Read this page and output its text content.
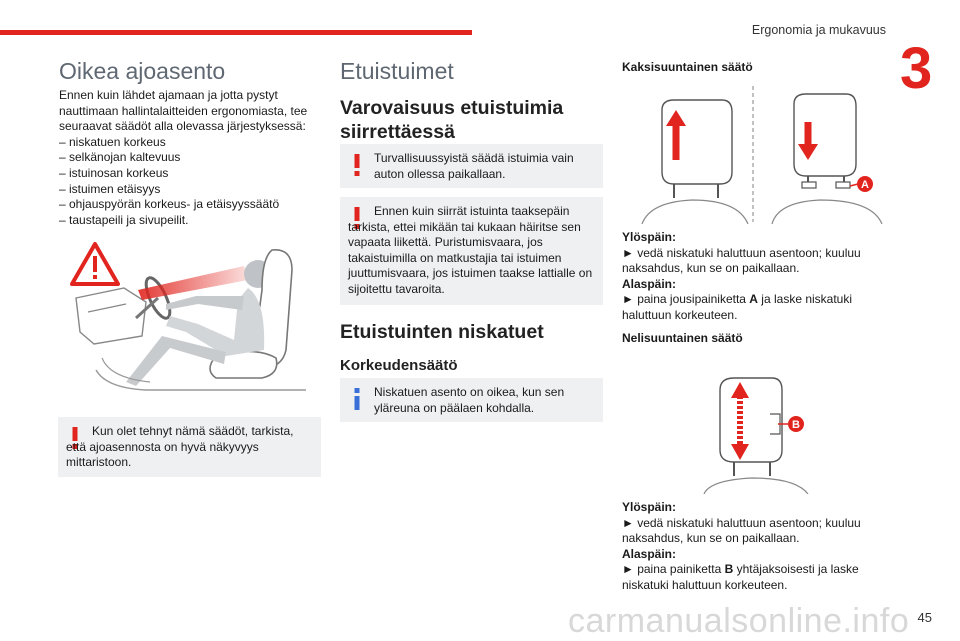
Ergonomia ja mukavuus
3
Oikea ajoasento
Ennen kuin lähdet ajamaan ja jotta pystyt nauttimaan hallintalaitteiden ergonomiasta, tee seuraavat säädöt alla olevassa järjestyksessä:
– niskatuen korkeus
– selkänojan kaltevuus
– istuinosan korkeus
– istuimen etäisyys
– ohjauspyörän korkeus- ja etäisyyssäätö
– taustapeili ja sivupeilit.
Kun olet tehnyt nämä säädöt, tarkista, että ajoasennosta on hyvä näkyvyys mittaristoon.
Etuistuimet
Varovaisuus etuistuimia siirrettäessä
Turvallisuussyistä säädä istuimia vain auton ollessa paikallaan.
Ennen kuin siirrät istuinta taaksepäin tarkista, ettei mikään tai kukaan häiritse sen vapaata liikettä. Puristumisvaara, jos takaistuimilla on matkustajia tai istuimen juuttumisvaara, jos istuimen taakse lattialle on sijoitettu tavaroita.
Etuistuinten niskatuet
Korkeudensäätö
Niskatuen asento on oikea, kun sen yläreuna on päälaen kohdalla.
Kaksisuuntainen säätö
A
Ylöspäin:
► vedä niskatuki haluttuun asentoon; kuuluu naksahdus, kun se on paikallaan.
Alaspäin:
► paina jousipainiketta A ja laske niskatuki haluttuun korkeuteen.
Nelisuuntainen säätö
B
Ylöspäin:
► vedä niskatuki haluttuun asentoon; kuuluu naksahdus, kun se on paikallaan.
Alaspäin:
► paina painiketta B yhtäjaksoisesti ja laske niskatuki haluttuun korkeuteen.
carmanualsonline.info 45
